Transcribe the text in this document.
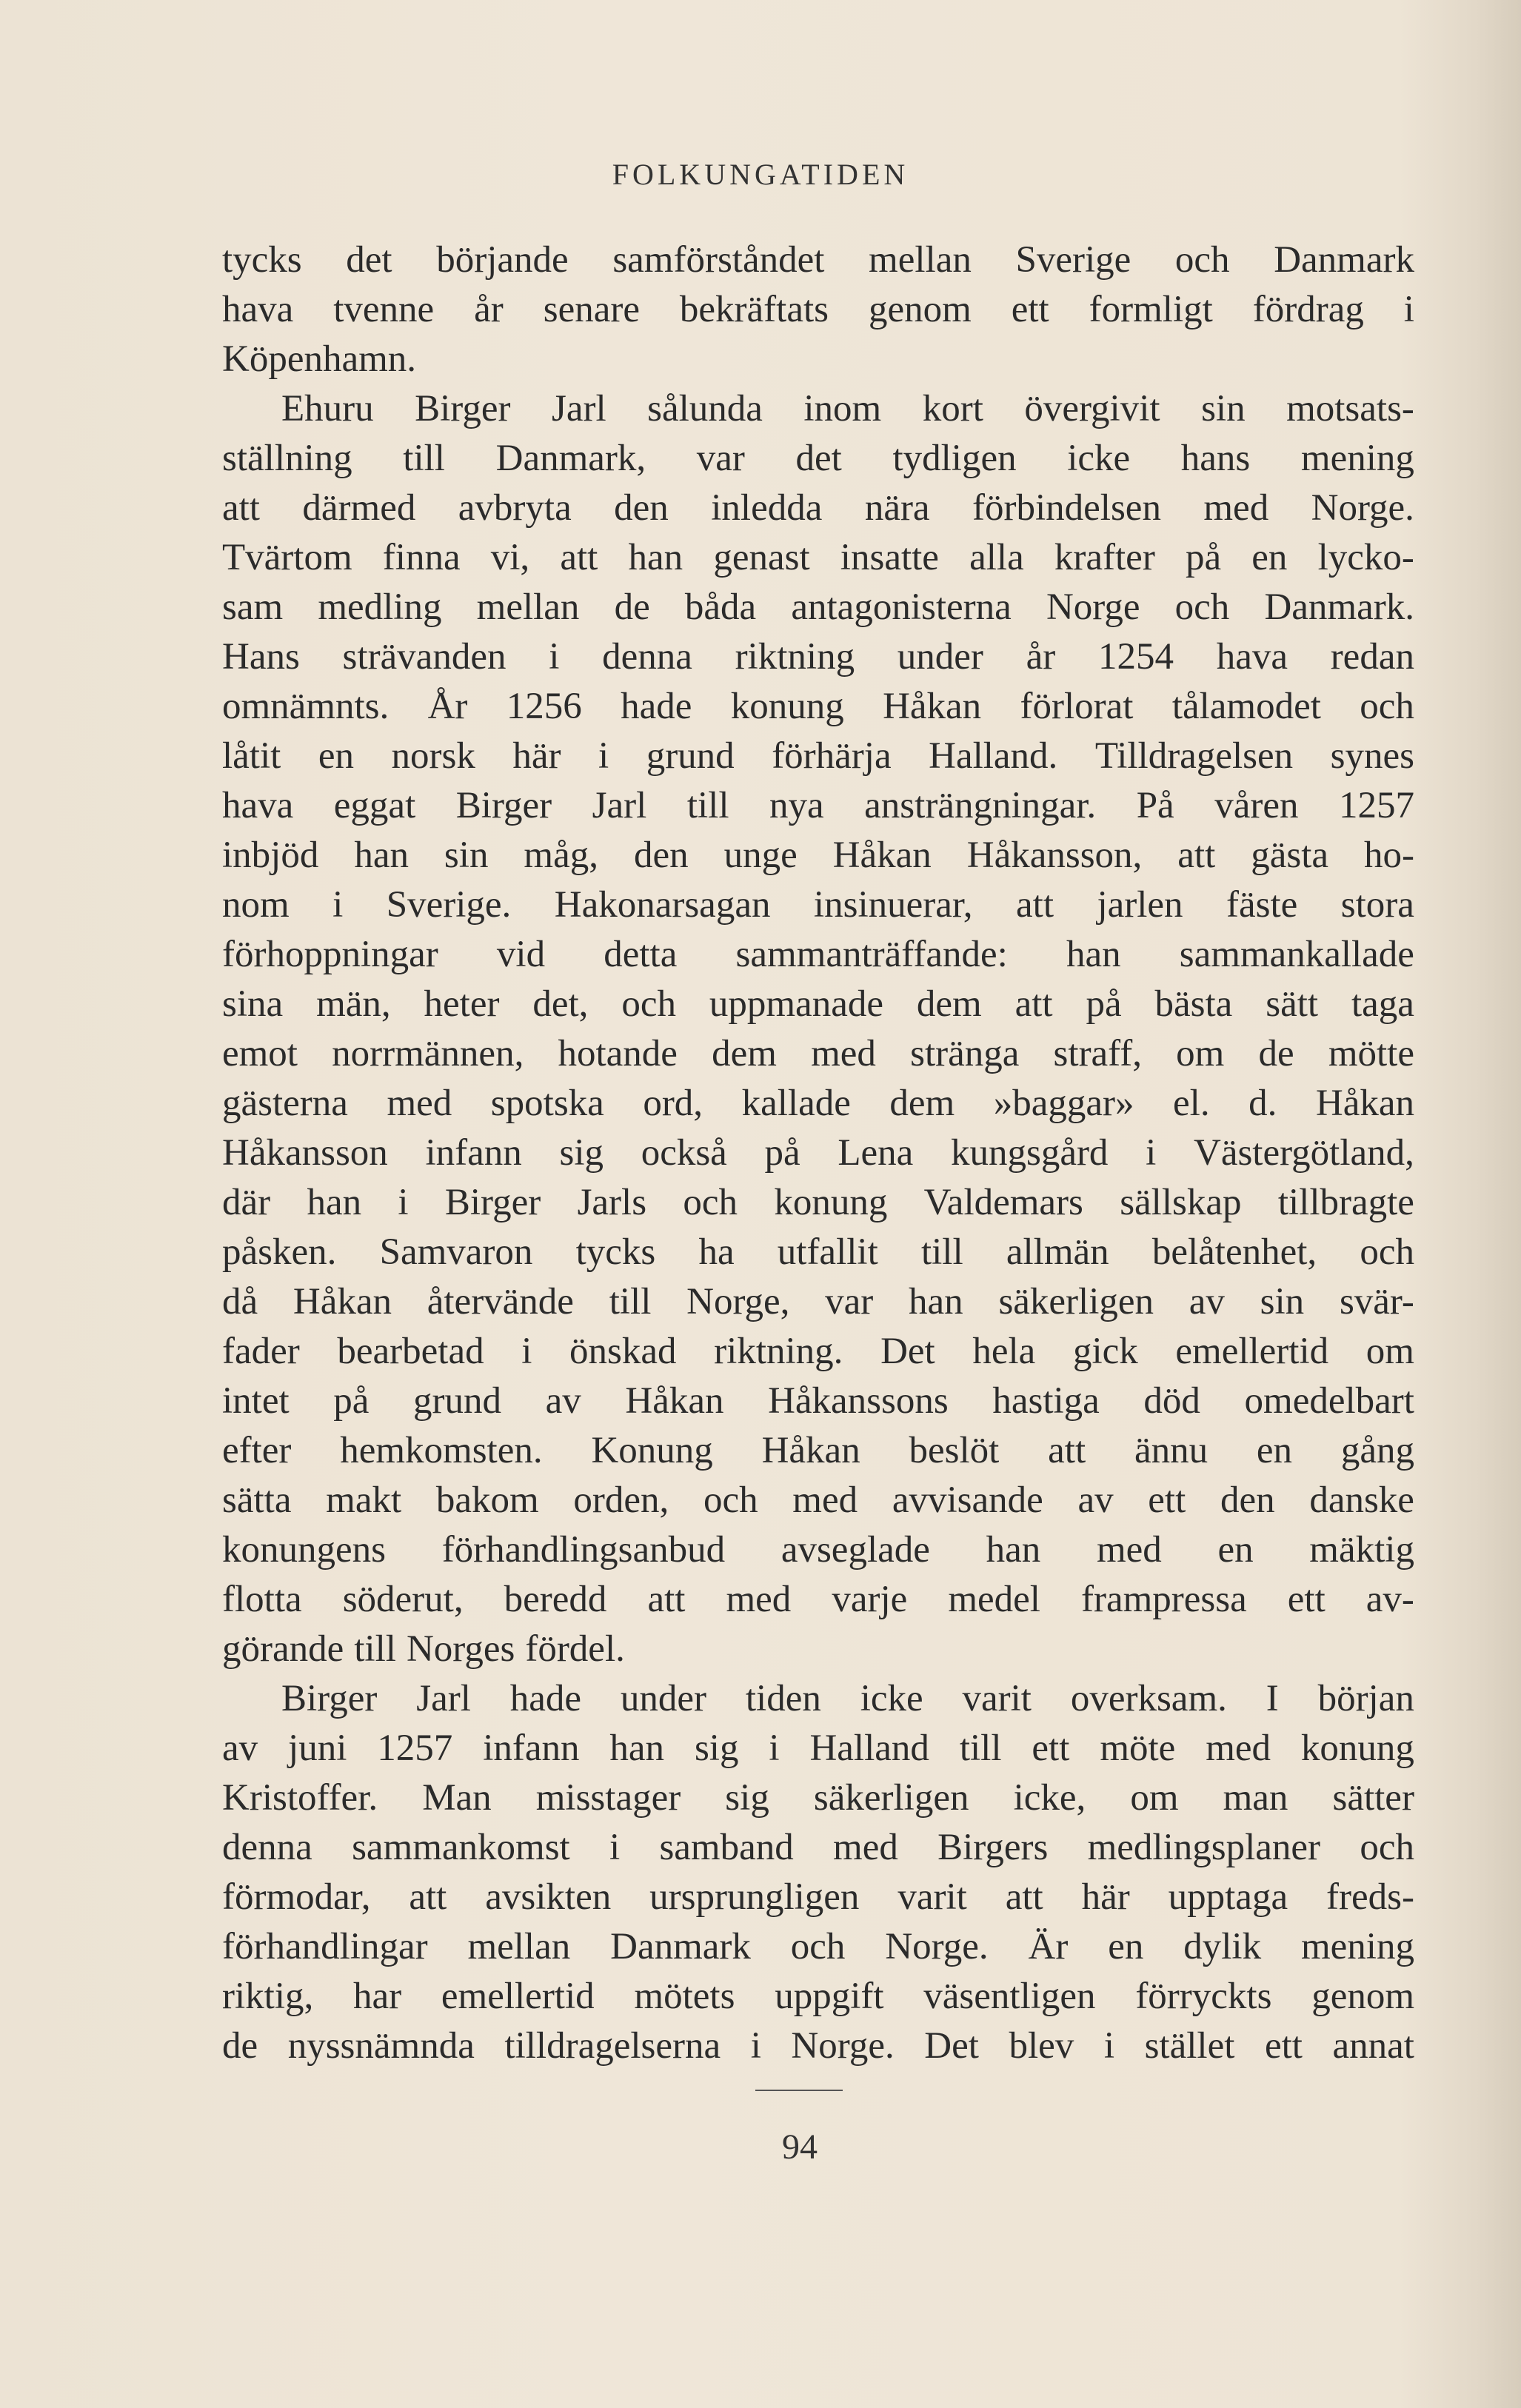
FOLKUNGATIDEN
tycks det börjande samförståndet mellan Sverige och Danmark
hava tvenne år senare bekräftats genom ett formligt fördrag i
Köpenhamn.
Ehuru Birger Jarl sålunda inom kort övergivit sin motsats-
ställning till Danmark, var det tydligen icke hans mening
att därmed avbryta den inledda nära förbindelsen med Norge.
Tvärtom finna vi, att han genast insatte alla krafter på en lycko-
sam medling mellan de båda antagonisterna Norge och Danmark.
Hans strävanden i denna riktning under år 1254 hava redan
omnämnts. År 1256 hade konung Håkan förlorat tålamodet och
låtit en norsk här i grund förhärja Halland. Tilldragelsen synes
hava eggat Birger Jarl till nya ansträngningar. På våren 1257
inbjöd han sin måg, den unge Håkan Håkansson, att gästa ho-
nom i Sverige. Hakonarsagan insinuerar, att jarlen fäste stora
förhoppningar vid detta sammanträffande: han sammankallade
sina män, heter det, och uppmanade dem att på bästa sätt taga
emot norrmännen, hotande dem med stränga straff, om de mötte
gästerna med spotska ord, kallade dem »baggar» el. d. Håkan
Håkansson infann sig också på Lena kungsgård i Västergötland,
där han i Birger Jarls och konung Valdemars sällskap tillbragte
påsken. Samvaron tycks ha utfallit till allmän belåtenhet, och
då Håkan återvände till Norge, var han säkerligen av sin svär-
fader bearbetad i önskad riktning. Det hela gick emellertid om
intet på grund av Håkan Håkanssons hastiga död omedelbart
efter hemkomsten. Konung Håkan beslöt att ännu en gång
sätta makt bakom orden, och med avvisande av ett den danske
konungens förhandlingsanbud avseglade han med en mäktig
flotta söderut, beredd att med varje medel frampressa ett av-
görande till Norges fördel.
Birger Jarl hade under tiden icke varit overksam. I början
av juni 1257 infann han sig i Halland till ett möte med konung
Kristoffer. Man misstager sig säkerligen icke, om man sätter
denna sammankomst i samband med Birgers medlingsplaner och
förmodar, att avsikten ursprungligen varit att här upptaga freds-
förhandlingar mellan Danmark och Norge. Är en dylik mening
riktig, har emellertid mötets uppgift väsentligen förryckts genom
de nyssnämnda tilldragelserna i Norge. Det blev i stället ett annat
94
